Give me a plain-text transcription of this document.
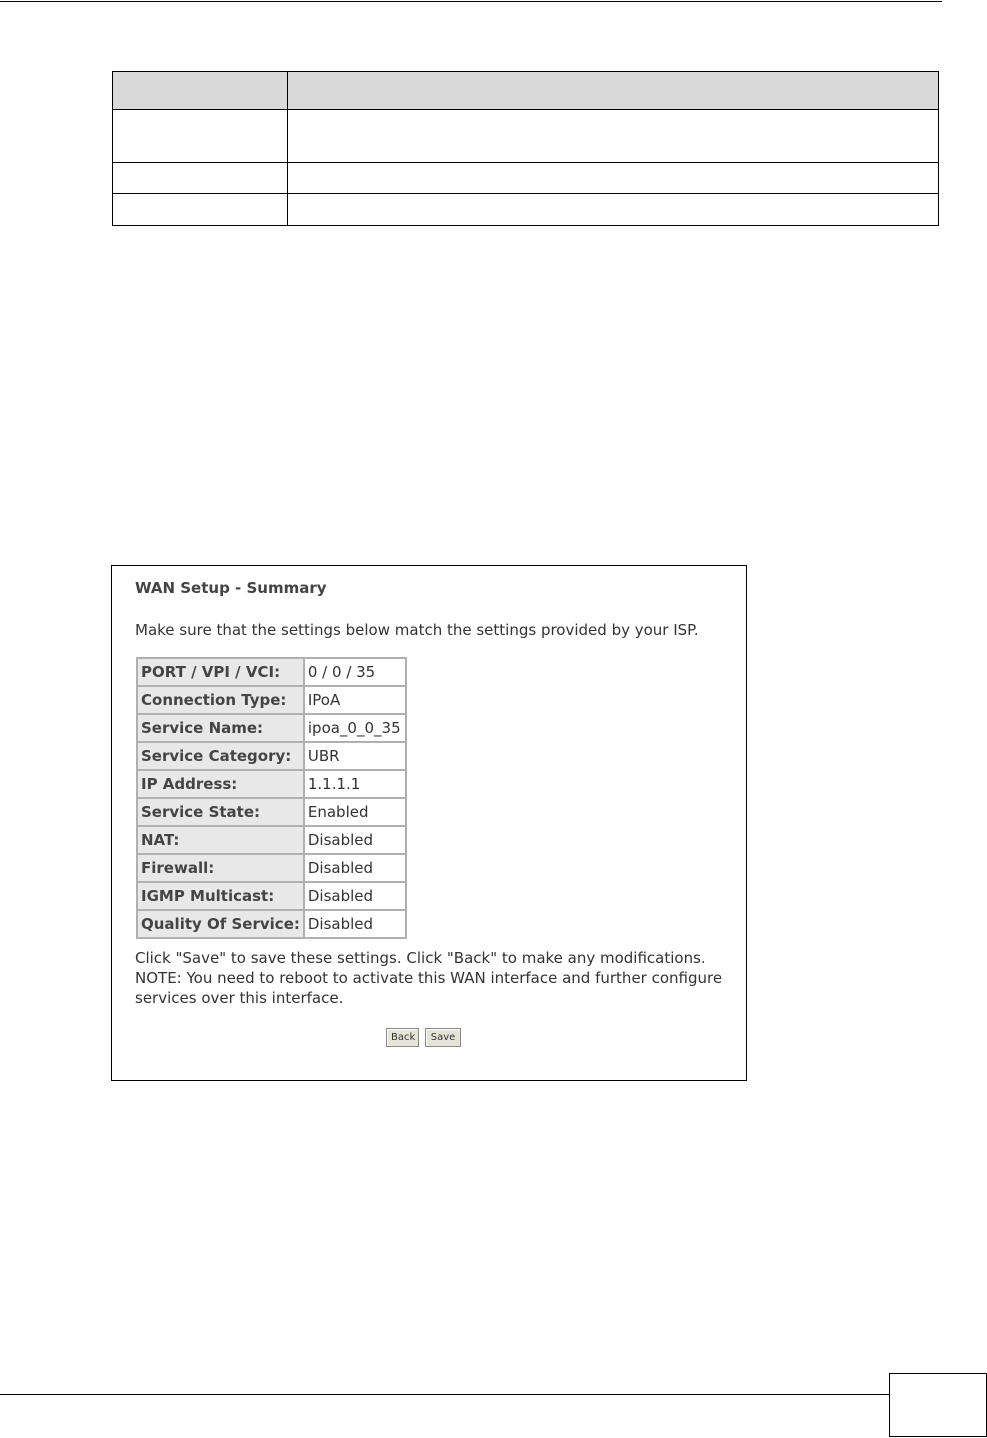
WAN Setup - Summary
Make sure that the settings below match the settings provided by your ISP.
PORT / VPI / VCI:	0 / 0 / 35
Connection Type:	IPoA
Service Name:	ipoa_0_0_35
Service Category:	UBR
IP Address:	1.1.1.1
Service State:	Enabled
NAT:	Disabled
Firewall:	Disabled
IGMP Multicast:	Disabled
Quality Of Service:	Disabled
Click "Save" to save these settings. Click "Back" to make any modifications.
NOTE: You need to reboot to activate this WAN interface and further configure services over this interface.
Back	Save
